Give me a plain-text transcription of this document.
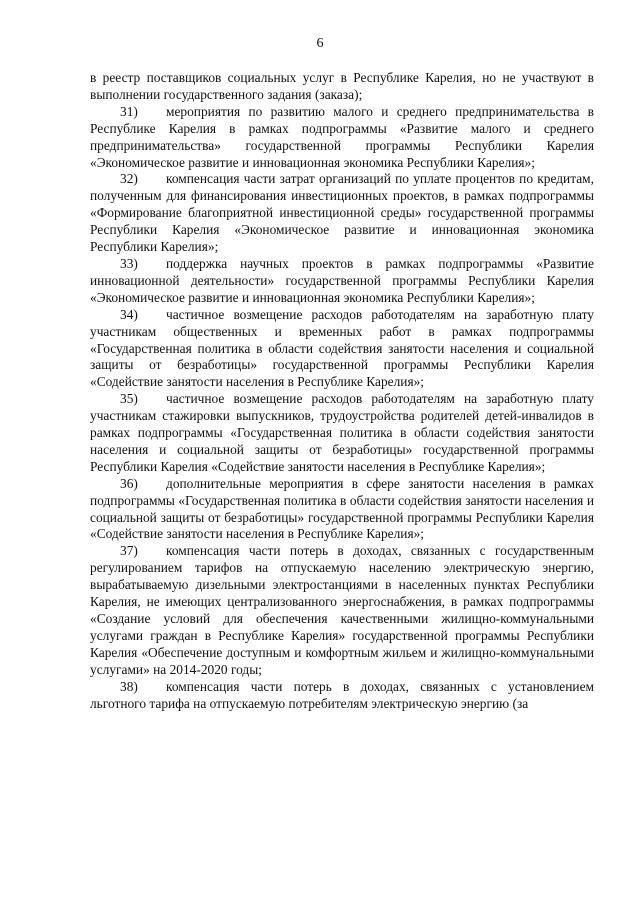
6

в реестр поставщиков социальных услуг в Республике Карелия, но не участвуют в выполнении государственного задания (заказа);

31) мероприятия по развитию малого и среднего предпринимательства в Республике Карелия в рамках подпрограммы «Развитие малого и среднего предпринимательства» государственной программы Республики Карелия «Экономическое развитие и инновационная экономика Республики Карелия»;

32) компенсация части затрат организаций по уплате процентов по кредитам, полученным для финансирования инвестиционных проектов, в рамках подпрограммы «Формирование благоприятной инвестиционной среды» государственной программы Республики Карелия «Экономическое развитие и инновационная экономика Республики Карелия»;

33) поддержка научных проектов в рамках подпрограммы «Развитие инновационной деятельности» государственной программы Республики Карелия «Экономическое развитие и инновационная экономика Республики Карелия»;

34) частичное возмещение расходов работодателям на заработную плату участникам общественных и временных работ в рамках подпрограммы «Государственная политика в области содействия занятости населения и социальной защиты от безработицы» государственной программы Республики Карелия «Содействие занятости населения в Республике Карелия»;

35) частичное возмещение расходов работодателям на заработную плату участникам стажировки выпускников, трудоустройства родителей детей-инвалидов в рамках подпрограммы «Государственная политика в области содействия занятости населения и социальной защиты от безработицы» государственной программы Республики Карелия «Содействие занятости населения в Республике Карелия»;

36) дополнительные мероприятия в сфере занятости населения в рамках подпрограммы «Государственная политика в области содействия занятости населения и социальной защиты от безработицы» государственной программы Республики Карелия «Содействие занятости населения в Республике Карелия»;

37) компенсация части потерь в доходах, связанных с государственным регулированием тарифов на отпускаемую населению электрическую энергию, вырабатываемую дизельными электростанциями в населенных пунктах Республики Карелия, не имеющих централизованного энергоснабжения, в рамках подпрограммы «Создание условий для обеспечения качественными жилищно-коммунальными услугами граждан в Республике Карелия» государственной программы Республики Карелия «Обеспечение доступным и комфортным жильем и жилищно-коммунальными услугами» на 2014-2020 годы;

38) компенсация части потерь в доходах, связанных с установлением льготного тарифа на отпускаемую потребителям электрическую энергию (за
